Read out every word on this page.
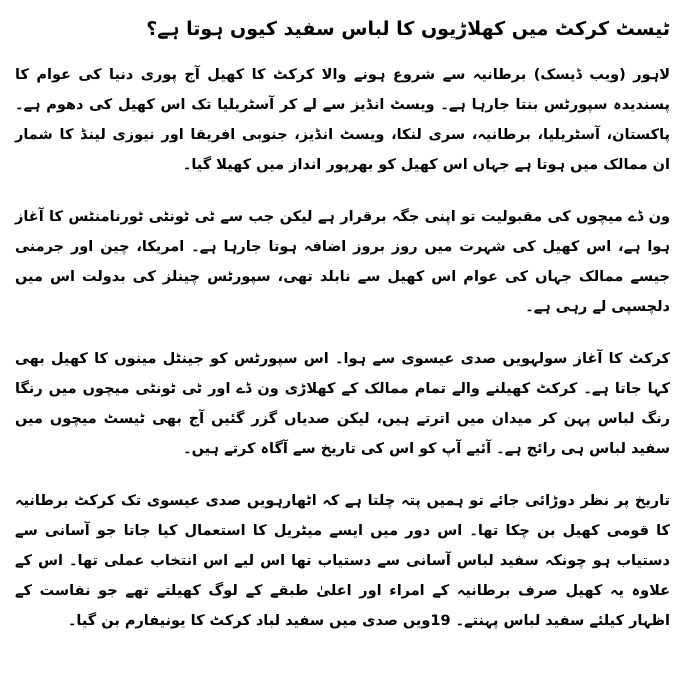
ٹیسٹ کرکٹ میں کھلاڑیوں کا لباس سفید کیوں ہوتا ہے؟

لاہور (ویب ڈیسک) برطانیہ سے شروع ہونے والا کرکٹ کا کھیل آج پوری دنیا کی عوام کا پسندیدہ سپورٹس بنتا جارہا ہے۔ ویسٹ انڈیز سے لے کر آسٹریلیا تک اس کھیل کی دھوم ہے۔ پاکستان، آسٹریلیا، برطانیہ، سری لنکا، ویسٹ انڈیز، جنوبی افریقا اور نیوزی لینڈ کا شمار ان ممالک میں ہوتا ہے جہاں اس کھیل کو بھرپور انداز میں کھیلا گیا۔

ون ڈے میچوں کی مقبولیت تو اپنی جگہ برقرار ہے لیکن جب سے ٹی ٹونٹی ٹورنامنٹس کا آغاز ہوا ہے، اس کھیل کی شہرت میں روز بروز اضافہ ہوتا جارہا ہے۔ امریکا، چین اور جرمنی جیسے ممالک جہاں کی عوام اس کھیل سے نابلد تھی، سپورٹس چینلز کی بدولت اس میں دلچسپی لے رہی ہے۔

کرکٹ کا آغاز سولہویں صدی عیسوی سے ہوا۔ اس سپورٹس کو جینٹل مینوں کا کھیل بھی کہا جاتا ہے۔ کرکٹ کھیلنے والے تمام ممالک کے کھلاڑی ون ڈے اور ٹی ٹونٹی میچوں میں رنگا رنگ لباس پہن کر میدان میں اترتے ہیں، لیکن صدیاں گزر گئیں آج بھی ٹیسٹ میچوں میں سفید لباس ہی رائج ہے۔ آئیے آپ کو اس کی تاریخ سے آگاہ کرتے ہیں۔

تاریخ پر نظر دوڑائی جائے تو ہمیں پتہ چلتا ہے کہ اٹھارہویں صدی عیسوی تک کرکٹ برطانیہ کا قومی کھیل بن چکا تھا۔ اس دور میں ایسے میٹریل کا استعمال کیا جاتا جو آسانی سے دستیاب ہو چونکہ سفید لباس آسانی سے دستیاب تھا اس لیے اس انتخاب عملی تھا۔ اس کے علاوہ یہ کھیل صرف برطانیہ کے امراء اور اعلیٰ طبقے کے لوگ کھیلتے تھے جو نفاست کے اظہار کیلئے سفید لباس پہنتے۔ 19ویں صدی میں سفید لباد کرکٹ کا یونیفارم بن گیا۔
